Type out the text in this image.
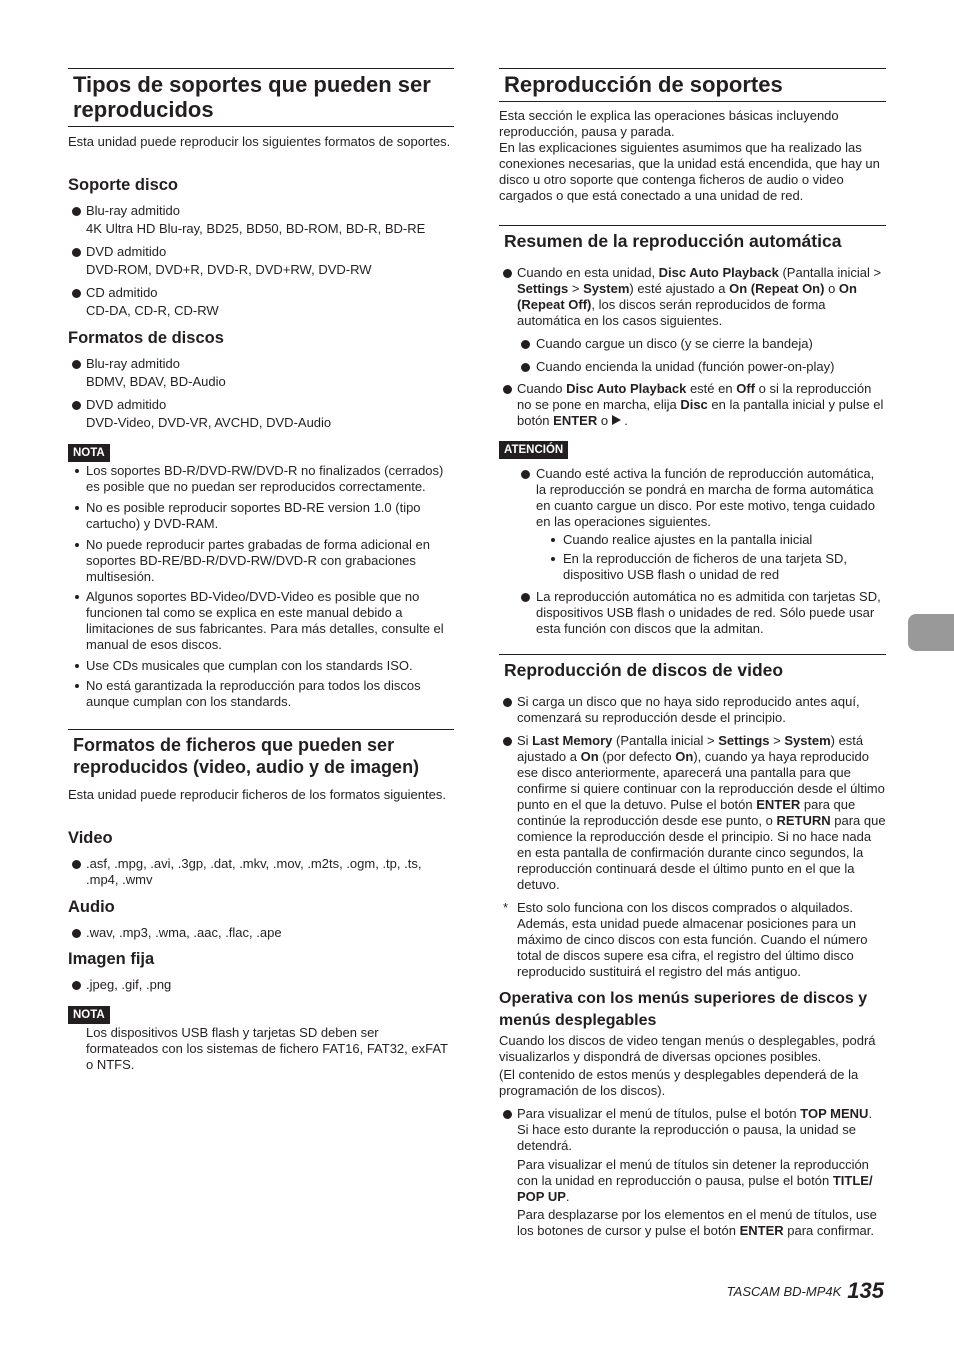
Tipos de soportes que pueden ser reproducidos

Esta unidad puede reproducir los siguientes formatos de soportes.

Soporte disco
Blu-ray admitido
4K Ultra HD Blu-ray, BD25, BD50, BD-ROM, BD-R, BD-RE
DVD admitido
DVD-ROM, DVD+R, DVD-R, DVD+RW, DVD-RW
CD admitido
CD-DA, CD-R, CD-RW
Formatos de discos
Blu-ray admitido
BDMV, BDAV, BD-Audio
DVD admitido
DVD-Video, DVD-VR, AVCHD, DVD-Audio
NOTA
Los soportes BD-R/DVD-RW/DVD-R no finalizados (cerrados) es posible que no puedan ser reproducidos correctamente.
No es posible reproducir soportes BD-RE version 1.0 (tipo cartucho) y DVD-RAM.
No puede reproducir partes grabadas de forma adicional en soportes BD-RE/BD-R/DVD-RW/DVD-R con grabaciones multisesión.
Algunos soportes BD-Video/DVD-Video es posible que no funcionen tal como se explica en este manual debido a limitaciones de sus fabricantes. Para más detalles, consulte el manual de esos discos.
Use CDs musicales que cumplan con los standards ISO.
No está garantizada la reproducción para todos los discos aunque cumplan con los standards.
Formatos de ficheros que pueden ser reproducidos (video, audio y de imagen)

Esta unidad puede reproducir ficheros de los formatos siguientes.

Video
.asf, .mpg, .avi, .3gp, .dat, .mkv, .mov, .m2ts, .ogm, .tp, .ts, .mp4, .wmv
Audio
.wav, .mp3, .wma, .aac, .flac, .ape
Imagen fija
.jpeg, .gif, .png
NOTA
Los dispositivos USB flash y tarjetas SD deben ser formateados con los sistemas de fichero FAT16, FAT32, exFAT o NTFS.
Reproducción de soportes

Esta sección le explica las operaciones básicas incluyendo reproducción, pausa y parada.

En las explicaciones siguientes asumimos que ha realizado las conexiones necesarias, que la unidad está encendida, que hay un disco u otro soporte que contenga ficheros de audio o video cargados o que está conectado a una unidad de red.

Resumen de la reproducción automática
Cuando en esta unidad, Disc Auto Playback (Pantalla inicial > Settings > System) esté ajustado a On (Repeat On) o On (Repeat Off), los discos serán reproducidos de forma automática en los casos siguientes.
Cuando cargue un disco (y se cierre la bandeja)
Cuando encienda la unidad (función power-on-play)
Cuando Disc Auto Playback esté en Off o si la reproducción no se pone en marcha, elija Disc en la pantalla inicial y pulse el botón ENTER o  .
ATENCIÓN
Cuando esté activa la función de reproducción automática, la reproducción se pondrá en marcha de forma automática en cuanto cargue un disco. Por este motivo, tenga cuidado en las operaciones siguientes.
Cuando realice ajustes en la pantalla inicial
En la reproducción de ficheros de una tarjeta SD, dispositivo USB flash o unidad de red
La reproducción automática no es admitida con tarjetas SD, dispositivos USB flash o unidades de red. Sólo puede usar esta función con discos que la admitan.
Reproducción de discos de video
Si carga un disco que no haya sido reproducido antes aquí, comenzará su reproducción desde el principio.
Si Last Memory (Pantalla inicial > Settings > System) está ajustado a On (por defecto On), cuando ya haya reproducido ese disco anteriormente, aparecerá una pantalla para que confirme si quiere continuar con la reproducción desde el último punto en el que la detuvo. Pulse el botón ENTER para que continúe la reproducción desde ese punto, o RETURN para que comience la reproducción desde el principio. Si no hace nada en esta pantalla de confirmación durante cinco segundos, la reproducción continuará desde el último punto en el que la detuvo.
* Esto solo funciona con los discos comprados o alquilados. Además, esta unidad puede almacenar posiciones para un máximo de cinco discos con esta función. Cuando el número total de discos supere esa cifra, el registro del último disco reproducido sustituirá el registro del más antiguo.
Operativa con los menús superiores de discos y menús desplegables

Cuando los discos de video tengan menús o desplegables, podrá visualizarlos y dispondrá de diversas opciones posibles.

(El contenido de estos menús y desplegables dependerá de la programación de los discos).

Para visualizar el menú de títulos, pulse el botón TOP MENU. Si hace esto durante la reproducción o pausa, la unidad se detendrá.
Para visualizar el menú de títulos sin detener la reproducción con la unidad en reproducción o pausa, pulse el botón TITLE/ POP UP.
Para desplazarse por los elementos en el menú de títulos, use los botones de cursor y pulse el botón ENTER para confirmar.
TASCAM BD-MP4K 135
